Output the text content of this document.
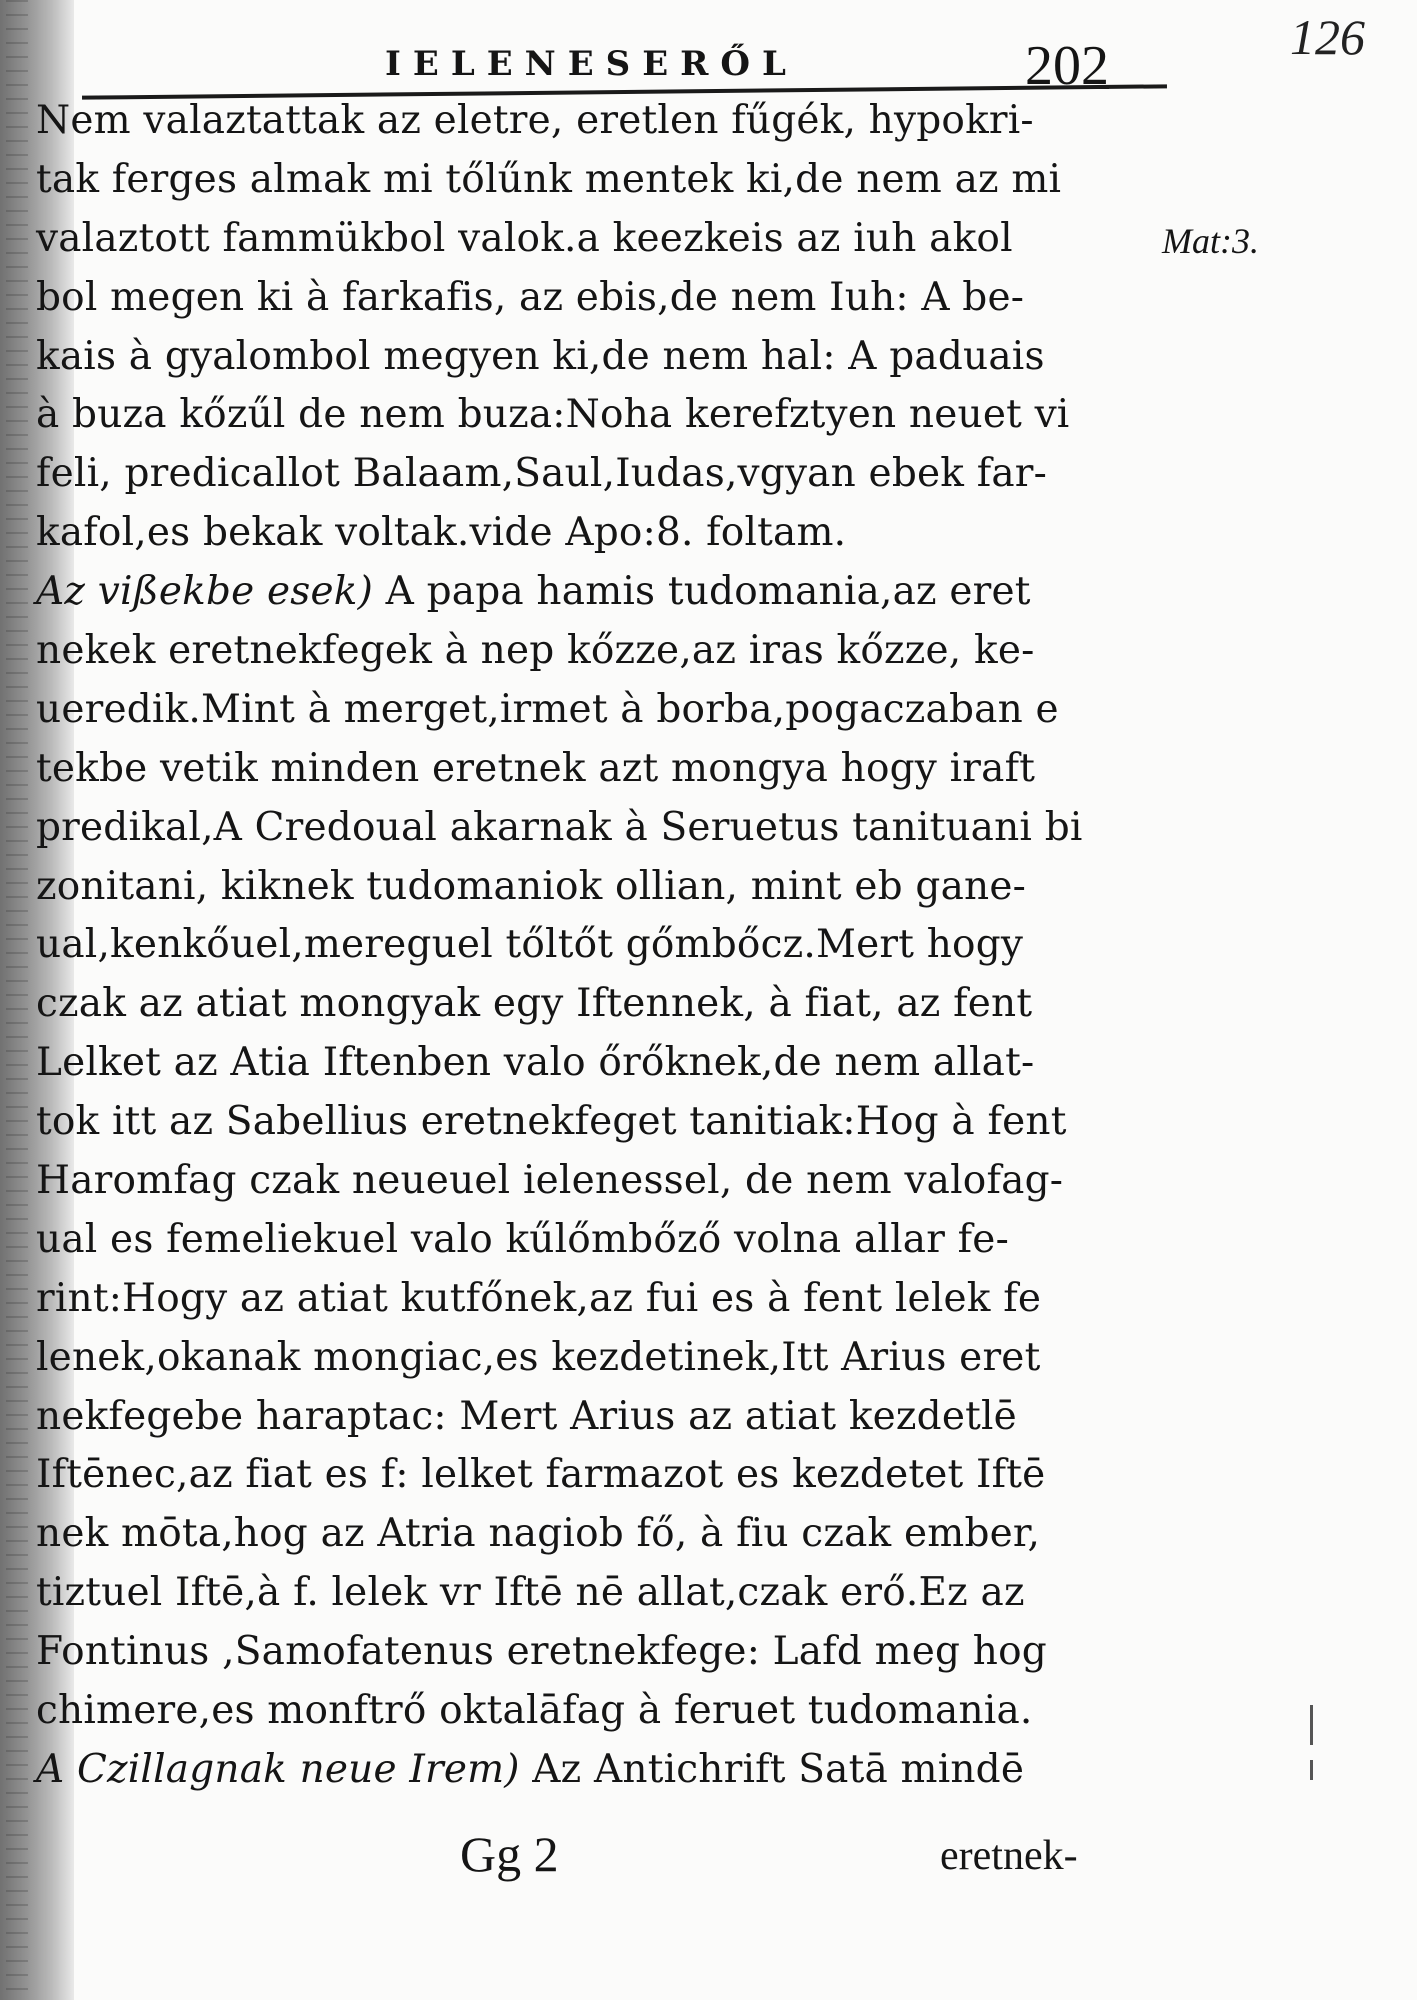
IELENESERŐL	202	126
Mat:3.
Nem valaztattak az eletre, eretlen fűgék, hypokri-
tak ferges almak mi tőlűnk mentek ki,de nem az mi
valaztott fammükbol valok.a keezkeis az iuh akol
bol megen ki à farkafis, az ebis,de nem Iuh: A be-
kais à gyalombol megyen ki,de nem hal: A paduais
à buza kőzűl de nem buza:Noha kerefztyen neuet vi
feli, predicallot Balaam,Saul,Iudas,vgyan ebek far-
kafol,es bekak voltak.vide Apo:8. foltam.
Az vißekbe esek) A papa hamis tudomania,az eret
nekek eretnekfegek à nep kőzze,az iras kőzze, ke-
ueredik.Mint à merget,irmet à borba,pogaczaban e
tekbe vetik minden eretnek azt mongya hogy iraft
predikal,A Credoual akarnak à Seruetus tanituani bi
zonitani, kiknek tudomaniok ollian, mint eb gane-
ual,kenkőuel,mereguel tőltőt gőmbőcz.Mert hogy
czak az atiat mongyak egy Iftennek, à fiat, az fent
Lelket az Atia Iftenben valo őrőknek,de nem allat-
tok itt az Sabellius eretnekfeget tanitiak:Hog à fent
Haromfag czak neueuel ielenessel, de nem valofag-
ual es femeliekuel valo kűlőmbőző volna allar fe-
rint:Hogy az atiat kutfőnek,az fui es à fent lelek fe
lenek,okanak mongiac,es kezdetinek,Itt Arius eret
nekfegebe haraptac: Mert Arius az atiat kezdetlē
Iftēnec,az fiat es f: lelket farmazot es kezdetet Iftē
nek mōta,hog az Atria nagiob fő, à fiu czak ember,
tiztuel Iftē,à f. lelek vr Iftē nē allat,czak erő.Ez az
Fontinus ,Samofatenus eretnekfege: Lafd meg hog
chimere,es monftrő oktalāfag à feruet tudomania.
A Czillagnak neue Irem) Az Antichrift Satā mindē
Gg 2	eretnek-
